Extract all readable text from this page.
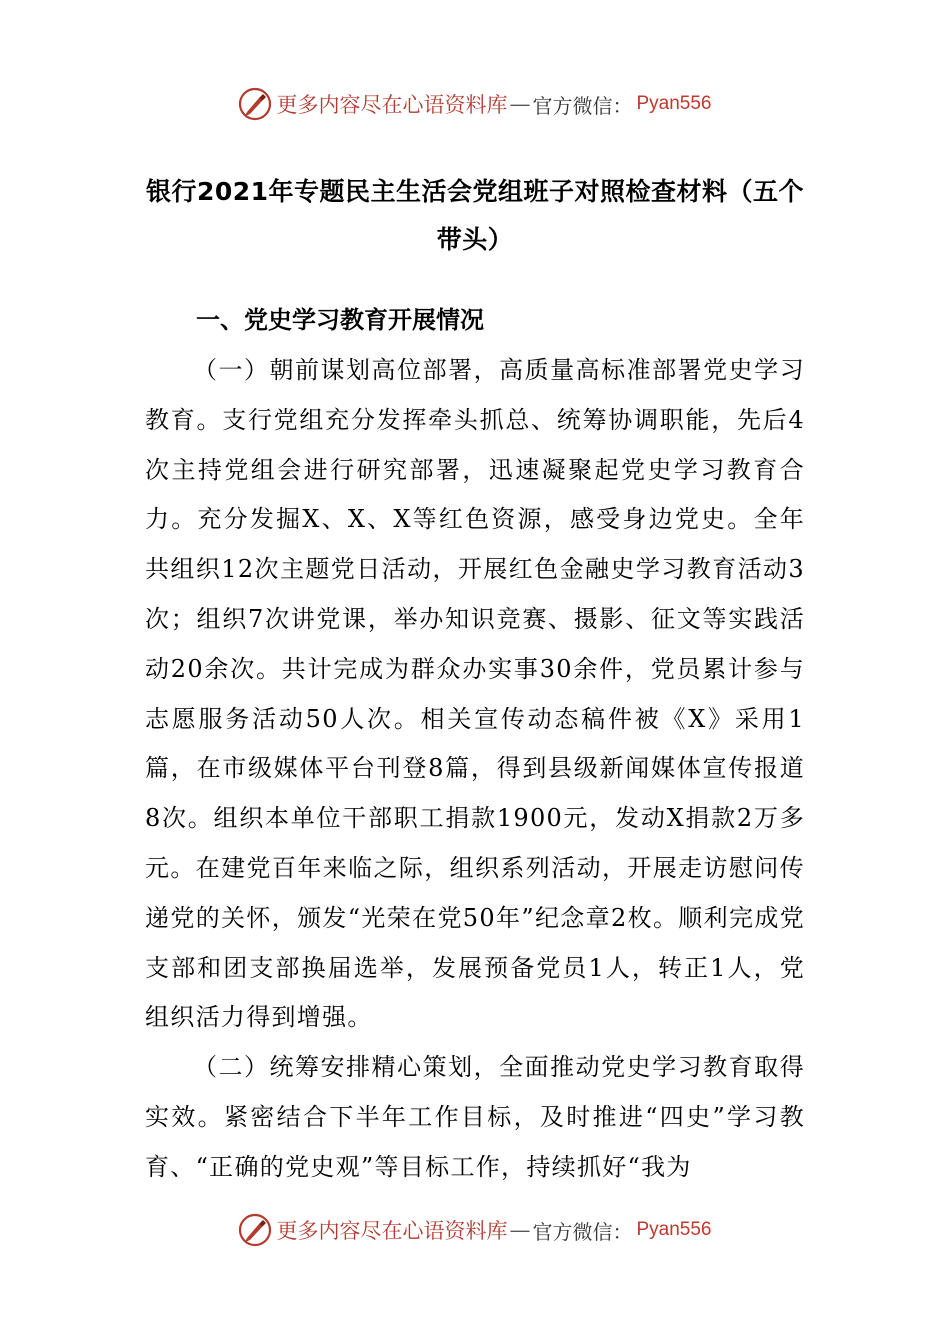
更多内容尽在心语资料库 — 官方微信： Pyan556
银行2021年专题民主生活会党组班子对照检查材料（五个带头）
一、党史学习教育开展情况

（一）朝前谋划高位部署，高质量高标准部署党史学习教育。支行党组充分发挥牵头抓总、统筹协调职能，先后4次主持党组会进行研究部署，迅速凝聚起党史学习教育合力。充分发掘X、X、X等红色资源，感受身边党史。全年共组织12次主题党日活动，开展红色金融史学习教育活动3次；组织7次讲党课，举办知识竞赛、摄影、征文等实践活动20余次。共计完成为群众办实事30余件，党员累计参与志愿服务活动50人次。相关宣传动态稿件被《X》采用1篇，在市级媒体平台刊登8篇，得到县级新闻媒体宣传报道8次。组织本单位干部职工捐款1900元，发动X捐款2万多元。在建党百年来临之际，组织系列活动，开展走访慰问传递党的关怀，颁发“光荣在党50年”纪念章2枚。顺利完成党支部和团支部换届选举，发展预备党员1人，转正1人，党组织活力得到增强。

（二）统筹安排精心策划，全面推动党史学习教育取得实效。紧密结合下半年工作目标，及时推进“四史”学习教育、“正确的党史观”等目标工作，持续抓好“我为

更多内容尽在心语资料库 — 官方微信： Pyan556
